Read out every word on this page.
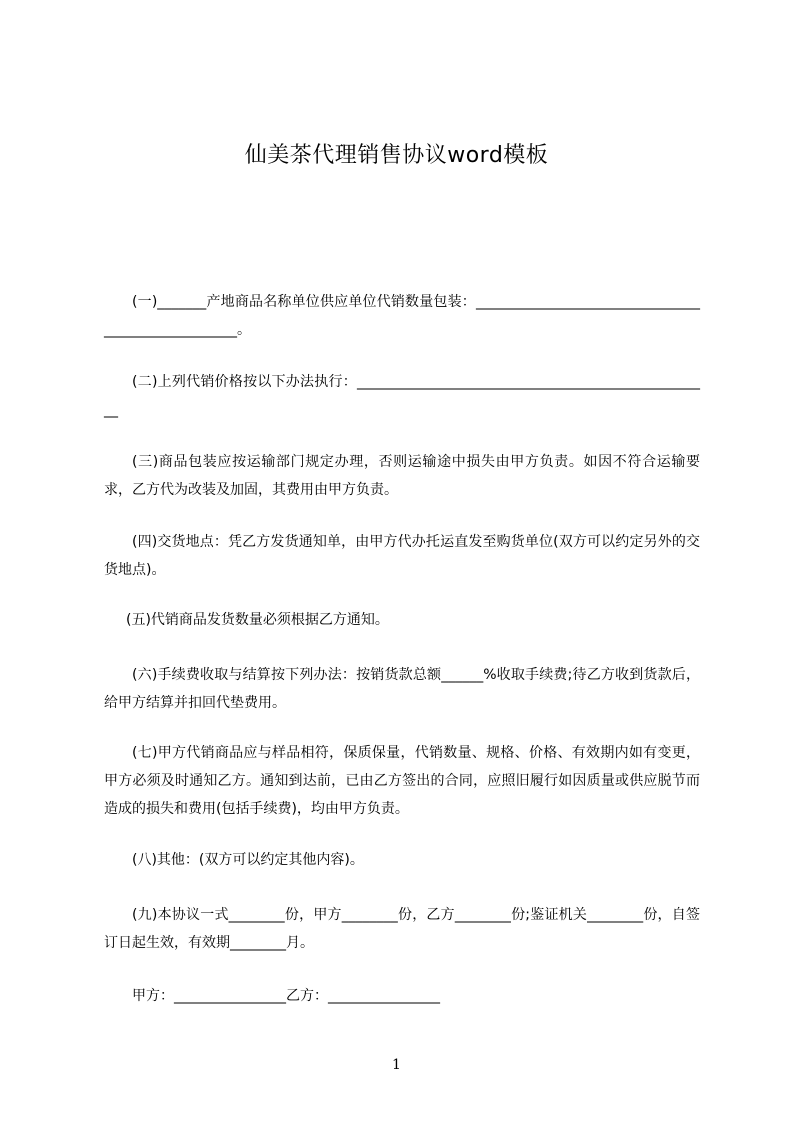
仙美茶代理销售协议word模板
(一)_______产地商品名称单位供应单位代销数量包装：___________________________________________________。
(二)上列代销价格按以下办法执行：___________________________________________________
(三)商品包装应按运输部门规定办理，否则运输途中损失由甲方负责。如因不符合运输要求，乙方代为改装及加固，其费用由甲方负责。
(四)交货地点：凭乙方发货通知单，由甲方代办托运直发至购货单位(双方可以约定另外的交货地点)。
(五)代销商品发货数量必须根据乙方通知。
(六)手续费收取与结算按下列办法：按销货款总额______%收取手续费;待乙方收到货款后，给甲方结算并扣回代垫费用。
(七)甲方代销商品应与样品相符，保质保量，代销数量、规格、价格、有效期内如有变更，甲方必须及时通知乙方。通知到达前，已由乙方签出的合同，应照旧履行如因质量或供应脱节而造成的损失和费用(包括手续费)，均由甲方负责。
(八)其他：(双方可以约定其他内容)。
(九)本协议一式________份，甲方________份，乙方________份;鉴证机关________份，自签订日起生效，有效期________月。
甲方：________________乙方：________________
1
